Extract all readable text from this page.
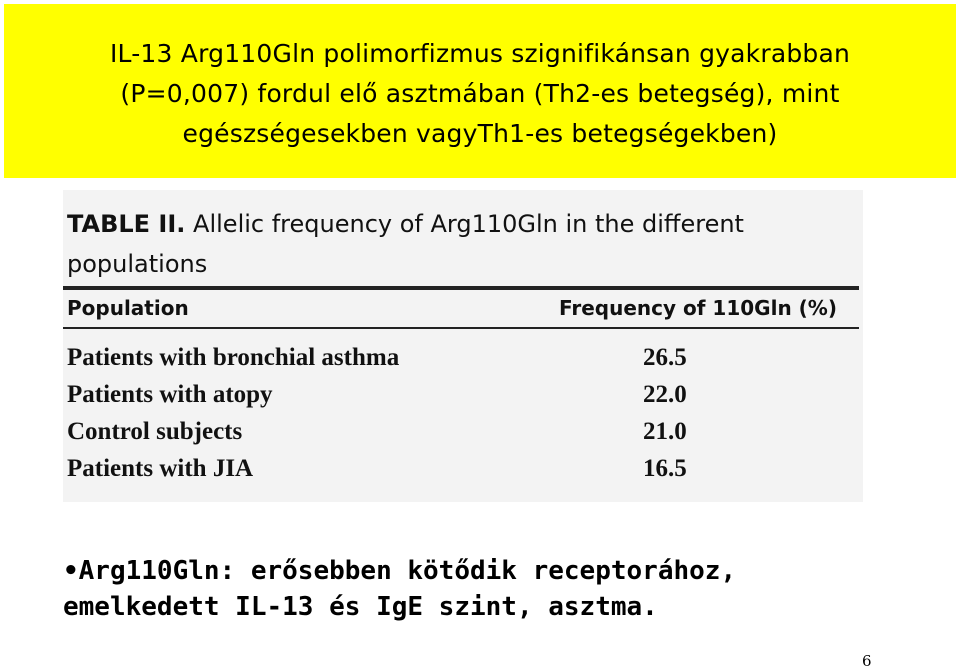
IL-13 Arg110Gln polimorfizmus szignifikánsan gyakrabban
(P=0,007) fordul elő asztmában (Th2-es betegség), mint
egészségesekben vagyTh1-es betegségekben)
TABLE II. Allelic frequency of Arg110Gln in the different
populations
Population	Frequency of 110Gln (%)
Patients with bronchial asthma	26.5
Patients with atopy	22.0
Control subjects	21.0
Patients with JIA	16.5
•Arg110Gln: erősebben kötődik receptorához,
emelkedett IL-13 és IgE szint, asztma.
6
